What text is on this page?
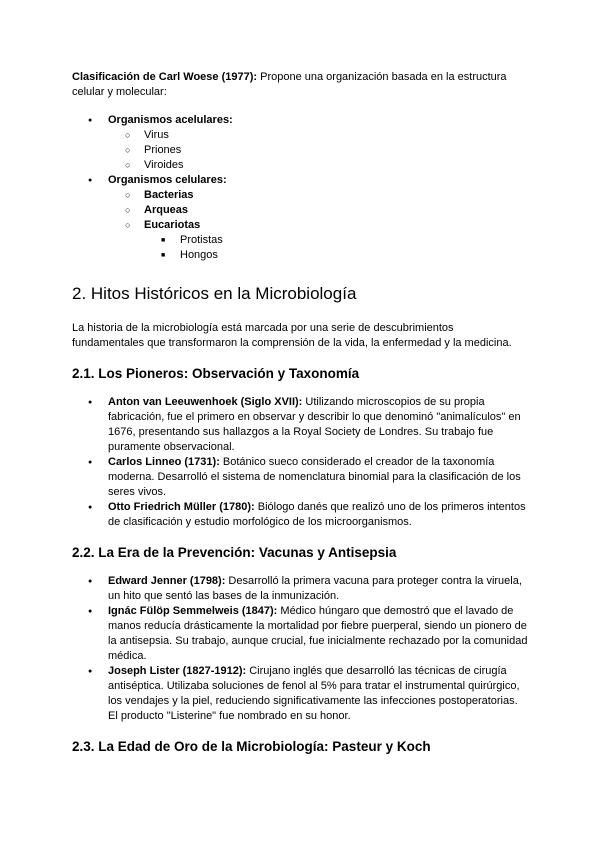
Clasificación de Carl Woese (1977): Propone una organización basada en la estructura celular y molecular:

● Organismos acelulares:
○ Virus
○ Priones
○ Viroides
● Organismos celulares:
○ Bacterias
○ Arqueas
○ Eucariotas
■ Protistas
■ Hongos
2. Hitos Históricos en la Microbiología

La historia de la microbiología está marcada por una serie de descubrimientos fundamentales que transformaron la comprensión de la vida, la enfermedad y la medicina.

2.1. Los Pioneros: Observación y Taxonomía
● Anton van Leeuwenhoek (Siglo XVII): Utilizando microscopios de su propia fabricación, fue el primero en observar y describir lo que denominó "animalículos" en 1676, presentando sus hallazgos a la Royal Society de Londres. Su trabajo fue puramente observacional.
● Carlos Linneo (1731): Botánico sueco considerado el creador de la taxonomía moderna. Desarrolló el sistema de nomenclatura binomial para la clasificación de los seres vivos.
● Otto Friedrich Müller (1780): Biólogo danés que realizó uno de los primeros intentos de clasificación y estudio morfológico de los microorganismos.
2.2. La Era de la Prevención: Vacunas y Antisepsia
● Edward Jenner (1798): Desarrolló la primera vacuna para proteger contra la viruela, un hito que sentó las bases de la inmunización.
● Ignác Fülöp Semmelweis (1847): Médico húngaro que demostró que el lavado de manos reducía drásticamente la mortalidad por fiebre puerperal, siendo un pionero de la antisepsia. Su trabajo, aunque crucial, fue inicialmente rechazado por la comunidad médica.
● Joseph Lister (1827-1912): Cirujano inglés que desarrolló las técnicas de cirugía antiséptica. Utilizaba soluciones de fenol al 5% para tratar el instrumental quirúrgico, los vendajes y la piel, reduciendo significativamente las infecciones postoperatorias. El producto "Listerine" fue nombrado en su honor.
2.3. La Edad de Oro de la Microbiología: Pasteur y Koch
